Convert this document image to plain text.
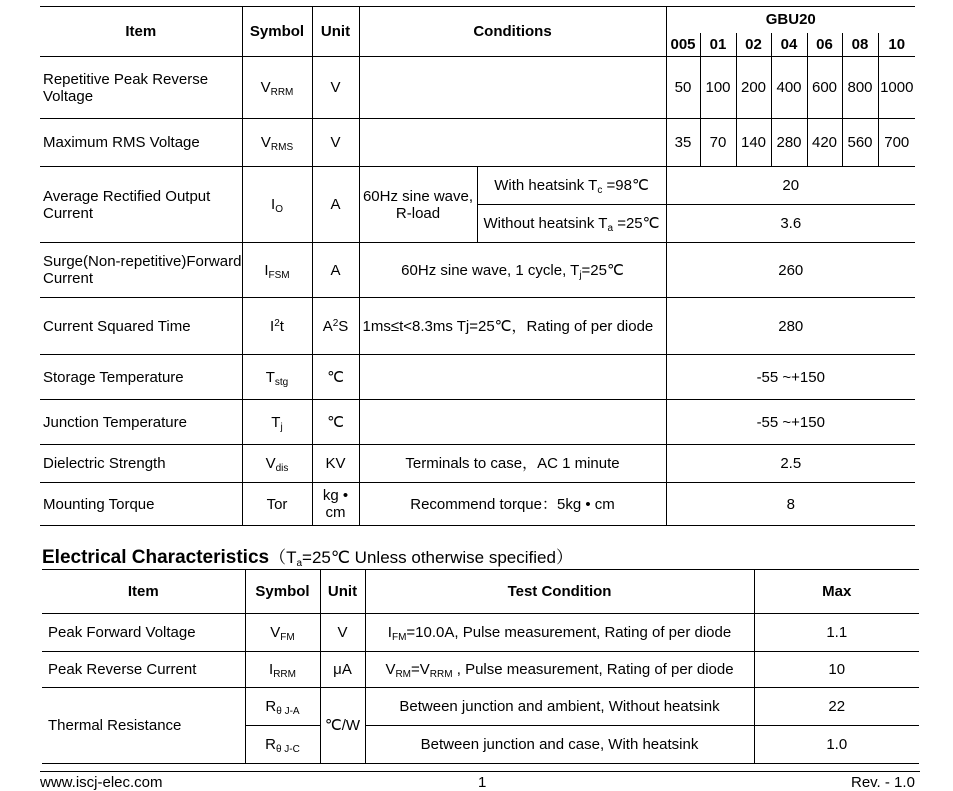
Item	Symbol	Unit	Conditions		GBU20						
					005	01	02	04	06	08	10
Repetitive Peak Reverse Voltage	$V_{RRM}$	V			50	100	200	400	600	800	1000
Maximum RMS Voltage	$V_{RMS}$	V			35	70	140	280	420	560	700
Average Rectified Output Current	$I_O$	A	60Hz sine wave, R-load	With heatsink $T_c$ =98℃	20						
				Without heatsink $T_a$ =25℃	3.6						
Surge(Non-repetitive)Forward Current	$I_{FSM}$	A	60Hz sine wave, 1 cycle, $T_j=25℃$		260						
Current Squared Time	$I^2t$	$A^2S$	1ms≤t<8.3ms Tj=25℃，Rating of per diode		280						
Storage Temperature	$T_{stg}$	℃			-55 ~+150						
Junction Temperature	$T_j$	℃			-55 ~+150						
Dielectric Strength	$V_{dis}$	KV	Terminals to case，AC 1 minute		2.5						
Mounting Torque	Tor	kg • cm	Recommend torque：5kg • cm		8						
Electrical $Characteristics(T_a=25℃$ Unless otherwise specified）
Item	Symbol	Unit	Test Condition	Max
Peak Forward Voltage	$V_{FM}$	V	$I_{FM}=10.0A$, Pulse measurement, Rating of per diode	1.1
Peak Reverse Current	$I_{RRM}$	μA	$V_{RM}=V_{RRM}$ , Pulse measurement, Rating of per diode	10
Thermal Resistance	$R_{\theta J-A}$	℃/W	Between junction and ambient, Without heatsink	22
	$R_{\theta J-C}$		Between junction and case, With heatsink	1.0
www.iscj-elec.com	1	Rev. - 1.0
